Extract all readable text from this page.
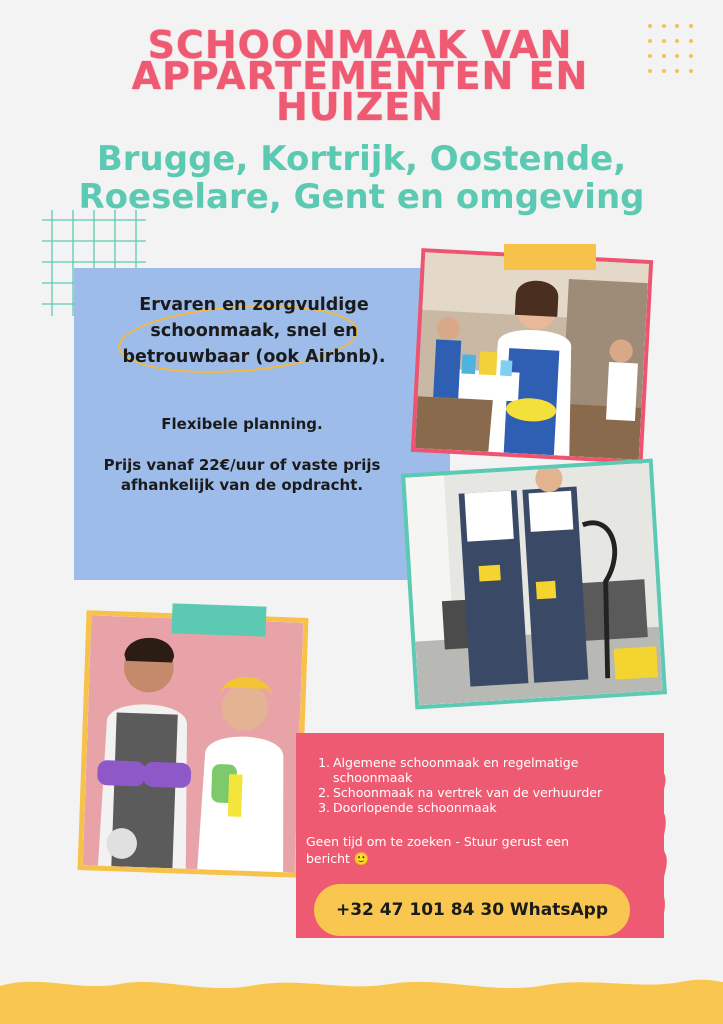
SCHOONMAAK VAN
APPARTEMENTEN EN
HUIZEN
Brugge, Kortrijk, Oostende,
Roeselare, Gent en omgeving
Ervaren en zorgvuldige
schoonmaak, snel en
betrouwbaar (ook Airbnb).
Flexibele planning.
Prijs vanaf 22€/uur of vaste prijs
afhankelijk van de opdracht.
1. Algemene schoonmaak en regelmatige
schoonmaak
2. Schoonmaak na vertrek van de verhuurder
3. Doorlopende schoonmaak
Geen tijd om te zoeken - Stuur gerust een
bericht 🙂
+32 47 101 84 30 WhatsApp
